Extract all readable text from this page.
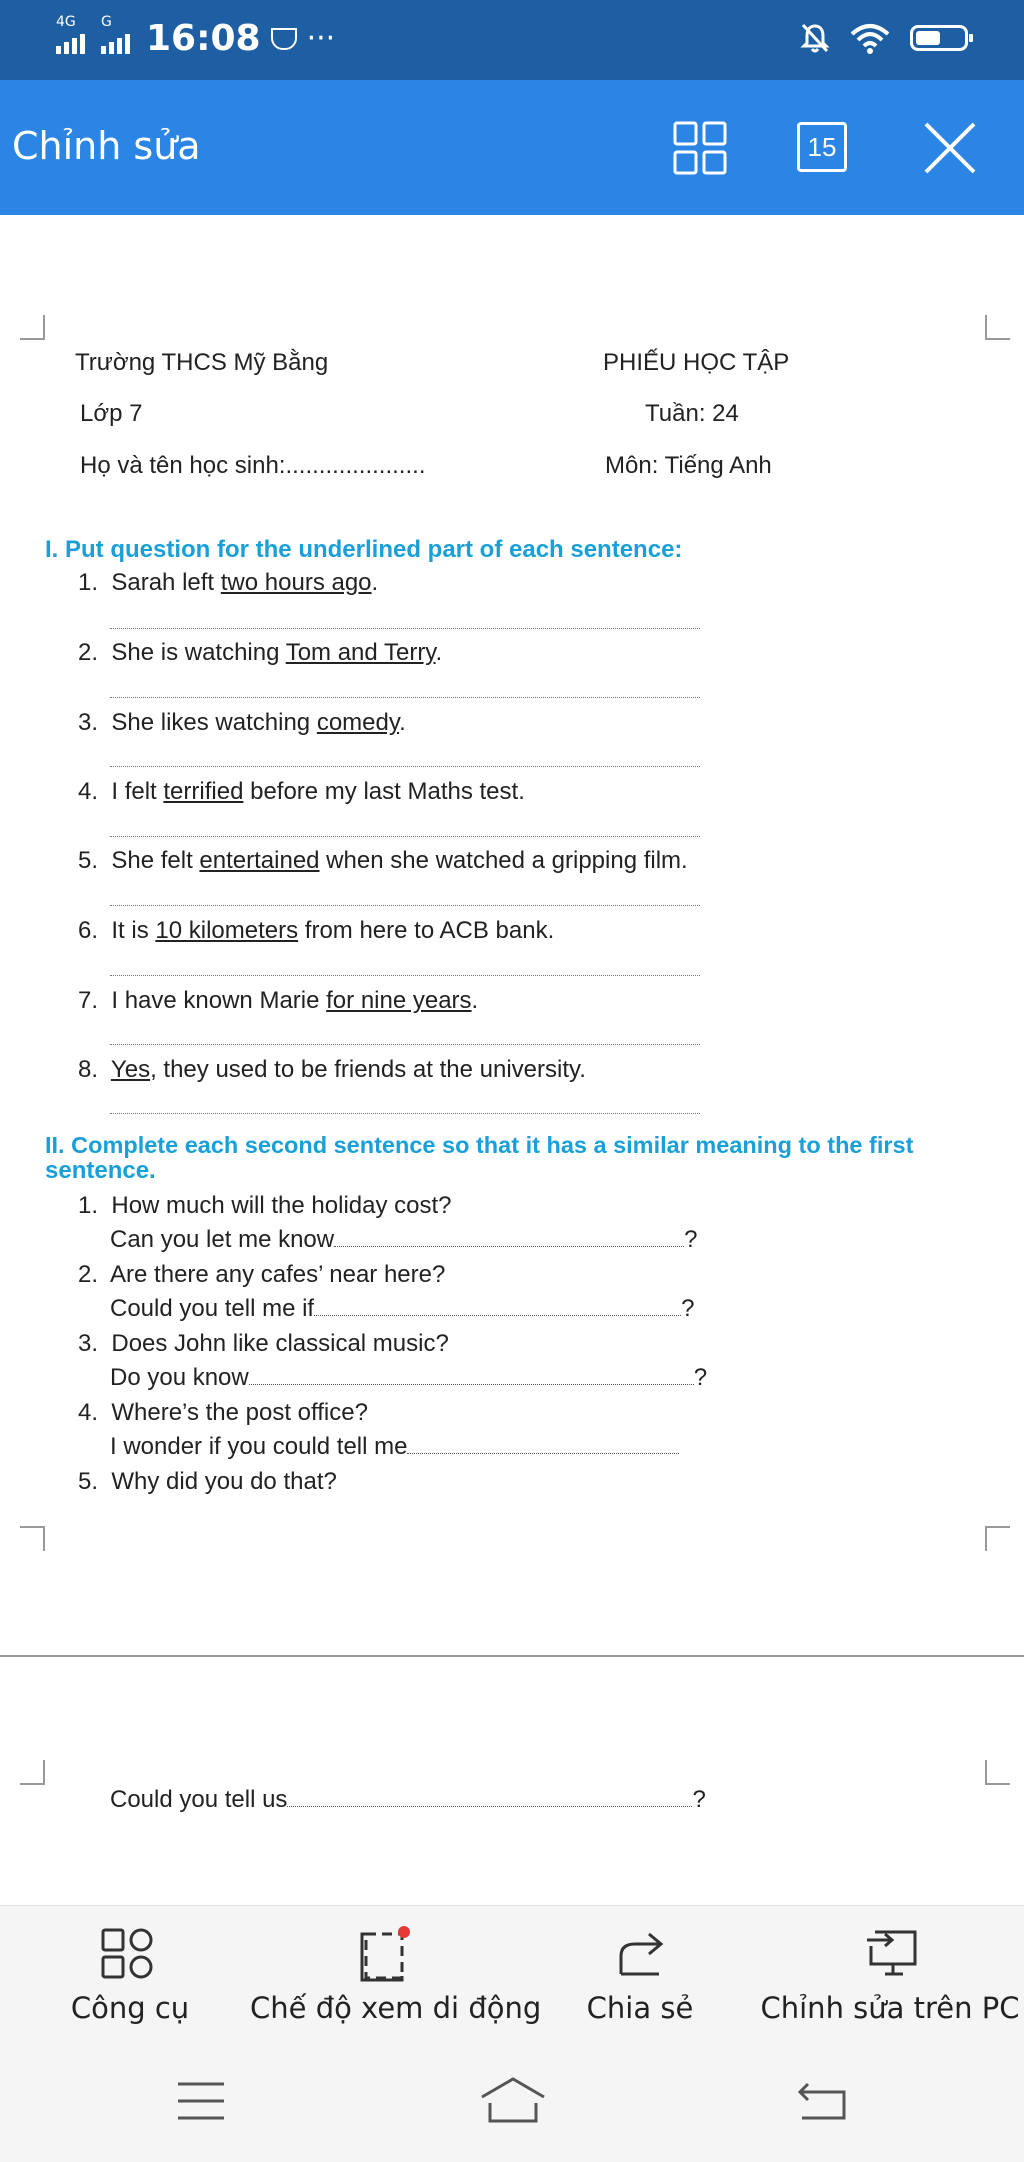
4G G 16:08 ···
Chỉnh sửa	15
Trường THCS Mỹ Bằng	PHIẾU HỌC TẬP
Lớp 7	Tuần: 24
Họ và tên học sinh:.....................	Môn: Tiếng Anh
I. Put question for the underlined part of each sentence:
1. Sarah left two hours ago.
2. She is watching Tom and Terry.
3. She likes watching comedy.
4. I felt terrified before my last Maths test.
5. She felt entertained when she watched a gripping film.
6. It is 10 kilometers from here to ACB bank.
7. I have known Marie for nine years.
8. Yes, they used to be friends at the university.
II. Complete each second sentence so that it has a similar meaning to the first
sentence.
1. How much will the holiday cost?
Can you let me know	?
2. Are there any cafes’ near here?
Could you tell me if	?
3. Does John like classical music?
Do you know	?
4. Where’s the post office?
I wonder if you could tell me
5. Why did you do that?
Could you tell us	?
Công cụ	Chế độ xem di động	Chia sẻ	Chỉnh sửa trên PC
